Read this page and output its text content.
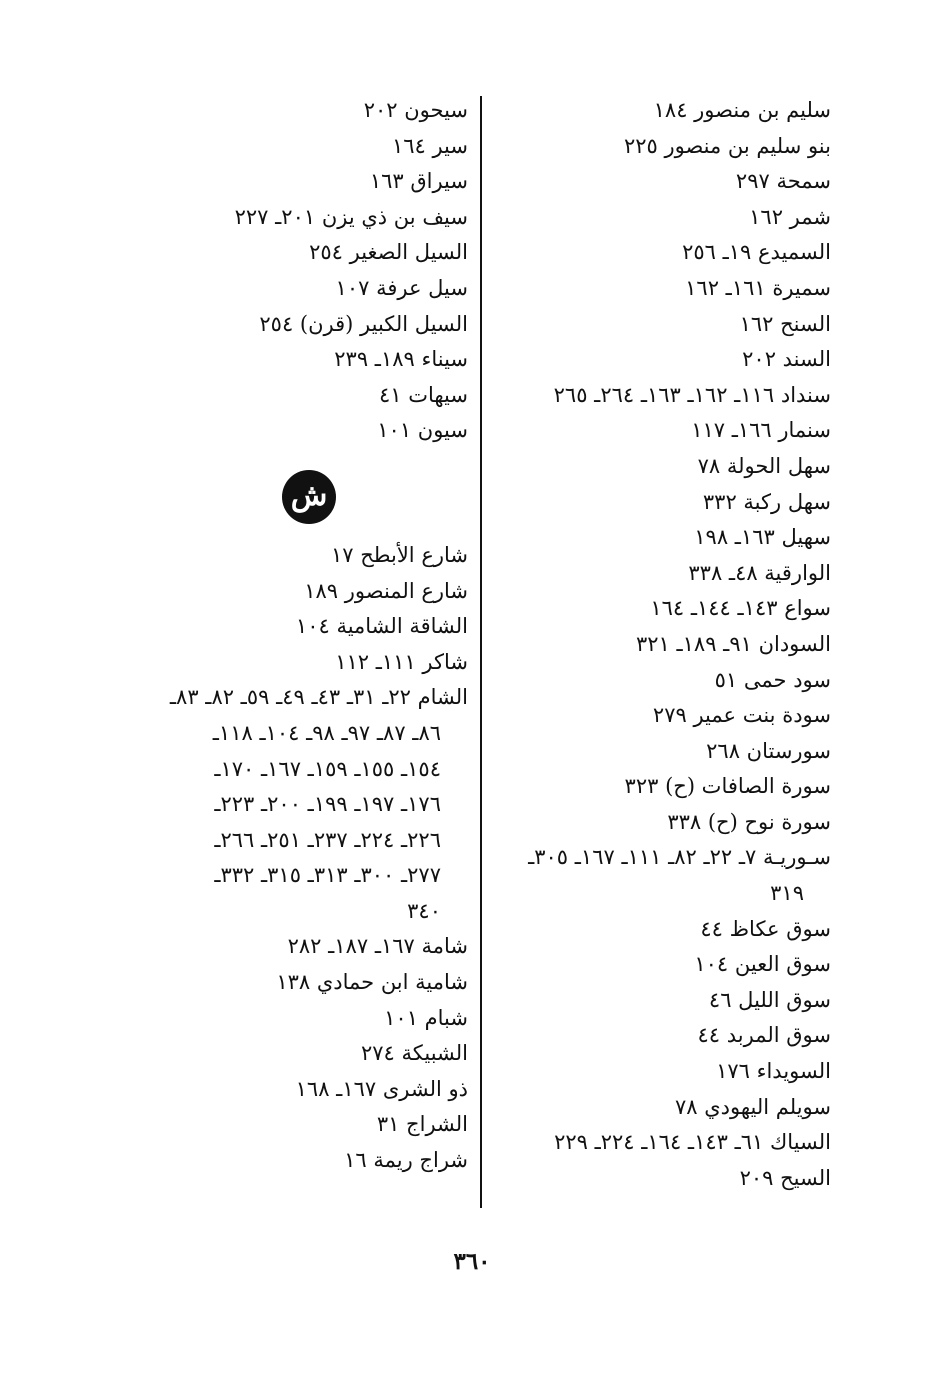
سليم بن منصور ١٨٤
بنو سليم بن منصور ٢٢٥
سمحة ٢٩٧
شمر ١٦٢
السميدع ١٩ـ ٢٥٦
سميرة ١٦١ـ ١٦٢
السنح ١٦٢
السند ٢٠٢
سنداد ١١٦ـ ١٦٢ـ ١٦٣ـ ٢٦٤ـ ٢٦٥
سنمار ١٦٦ـ ١١٧
سهل الحولة ٧٨
سهل ركبة ٣٣٢
سهيل ١٦٣ـ ١٩٨
الوارقية ٤٨ـ ٣٣٨
سواع ١٤٣ـ ١٤٤ـ ١٦٤
السودان ٩١ـ ١٨٩ـ ٣٢١
سود حمى ٥١
سودة بنت عمير ٢٧٩
سورستان ٢٦٨
سورة الصافات (ح) ٣٢٣
سورة نوح (ح) ٣٣٨
سـوريـة ٧ـ ٢٢ـ ٨٢ـ ١١١ـ ١٦٧ـ ٣٠٥ـ
٣١٩
سوق عكاظ ٤٤
سوق العين ١٠٤
سوق الليل ٤٦
سوق المربد ٤٤
السويداء ١٧٦
سويلم اليهودي ٧٨
السياك ٦١ـ ١٤٣ـ ١٦٤ـ ٢٢٤ـ ٢٢٩
السيح ٢٠٩
سيحون ٢٠٢
سير ١٦٤
سيراق ١٦٣
سيف بن ذي يزن ٢٠١ـ ٢٢٧
السيل الصغير ٢٥٤
سيل عرفة ١٠٧
السيل الكبير (قرن) ٢٥٤
سيناء ١٨٩ـ ٢٣٩
سيهات ٤١
سيون ١٠١
ش
شارع الأبطح ١٧
شارع المنصور ١٨٩
الشاقة الشامية ١٠٤
شاكر ١١١ـ ١١٢
الشام ٢٢ـ ٣١ـ ٤٣ـ ٤٩ـ ٥٩ـ ٨٢ـ ٨٣ـ
٨٦ـ ٨٧ـ ٩٧ـ ٩٨ـ ١٠٤ـ ١١٨ـ
١٥٤ـ ١٥٥ـ ١٥٩ـ ١٦٧ـ ١٧٠ـ
١٧٦ـ ١٩٧ـ ١٩٩ـ ٢٠٠ـ ٢٢٣ـ
٢٢٦ـ ٢٢٤ـ ٢٣٧ـ ٢٥١ـ ٢٦٦ـ
٢٧٧ـ ٣٠٠ـ ٣١٣ـ ٣١٥ـ ٣٣٢ـ
٣٤٠
شامة ١٦٧ـ ١٨٧ـ ٢٨٢
شامية ابن حمادي ١٣٨
شبام ١٠١
الشبيكة ٢٧٤
ذو الشرى ١٦٧ـ ١٦٨
الشراج ٣١
شراج ريمة ١٦
٣٦٠
